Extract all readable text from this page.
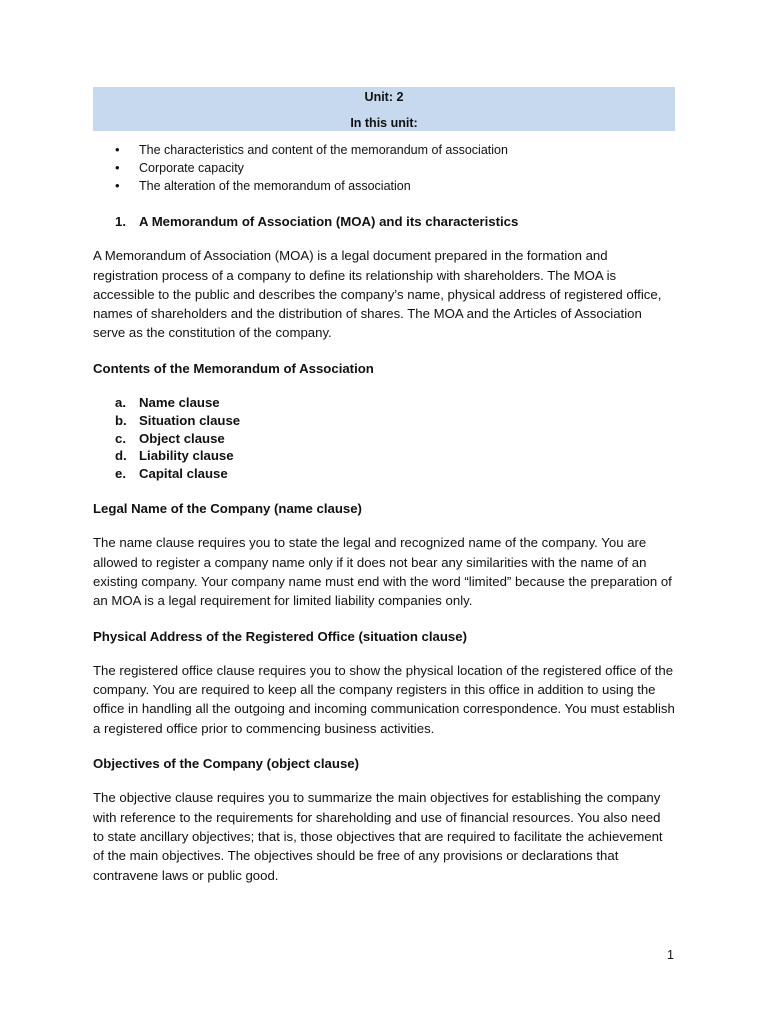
Unit: 2
In this unit:
• The characteristics and content of the memorandum of association
• Corporate capacity
• The alteration of the memorandum of association
1. A Memorandum of Association (MOA) and its characteristics

A Memorandum of Association (MOA) is a legal document prepared in the formation and registration process of a company to define its relationship with shareholders. The MOA is accessible to the public and describes the company’s name, physical address of registered office, names of shareholders and the distribution of shares. The MOA and the Articles of Association serve as the constitution of the company.

Contents of the Memorandum of Association
a. Name clause
b. Situation clause
c. Object clause
d. Liability clause
e. Capital clause
Legal Name of the Company (name clause)

The name clause requires you to state the legal and recognized name of the company. You are allowed to register a company name only if it does not bear any similarities with the name of an existing company. Your company name must end with the word “limited” because the preparation of an MOA is a legal requirement for limited liability companies only.

Physical Address of the Registered Office (situation clause)

The registered office clause requires you to show the physical location of the registered office of the company. You are required to keep all the company registers in this office in addition to using the office in handling all the outgoing and incoming communication correspondence. You must establish a registered office prior to commencing business activities.

Objectives of the Company (object clause)

The objective clause requires you to summarize the main objectives for establishing the company with reference to the requirements for shareholding and use of financial resources. You also need to state ancillary objectives; that is, those objectives that are required to facilitate the achievement of the main objectives. The objectives should be free of any provisions or declarations that contravene laws or public good.

1
